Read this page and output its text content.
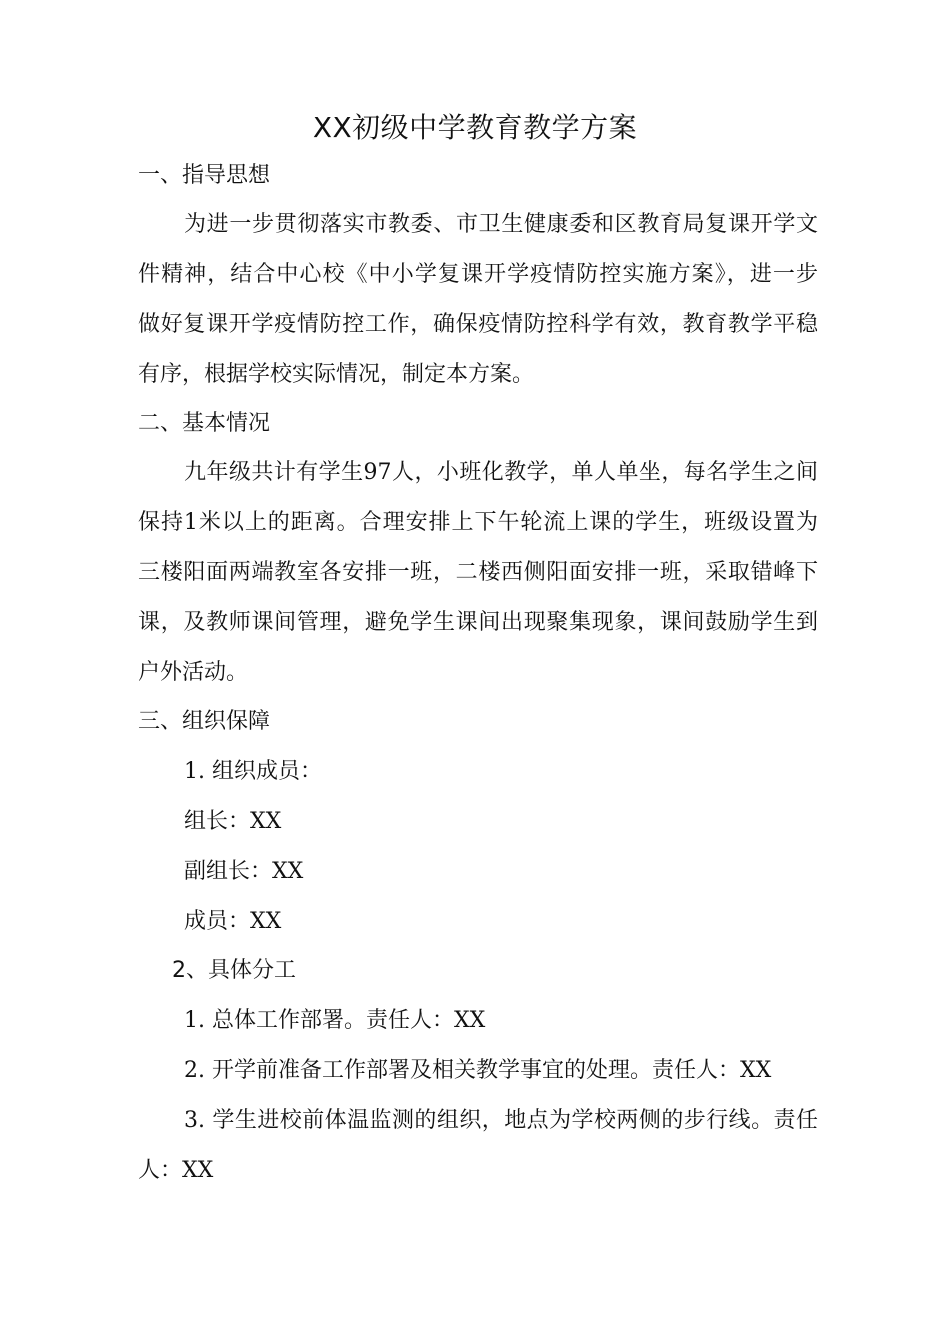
XX初级中学教育教学方案
一、指导思想
为进一步贯彻落实市教委、市卫生健康委和区教育局复课开学文
件精神，结合中心校《中小学复课开学疫情防控实施方案》，进一步
做好复课开学疫情防控工作，确保疫情防控科学有效，教育教学平稳
有序，根据学校实际情况，制定本方案。
二、基本情况
九年级共计有学生97人，小班化教学，单人单坐，每名学生之间
保持1米以上的距离。合理安排上下午轮流上课的学生，班级设置为
三楼阳面两端教室各安排一班，二楼西侧阳面安排一班，采取错峰下
课，及教师课间管理，避免学生课间出现聚集现象，课间鼓励学生到
户外活动。
三、组织保障
1. 组织成员：
组长：XX
副组长：XX
成员：XX
2、具体分工
1. 总体工作部署。责任人：XX
2. 开学前准备工作部署及相关教学事宜的处理。责任人：XX
3. 学生进校前体温监测的组织，地点为学校两侧的步行线。责任
人：XX
